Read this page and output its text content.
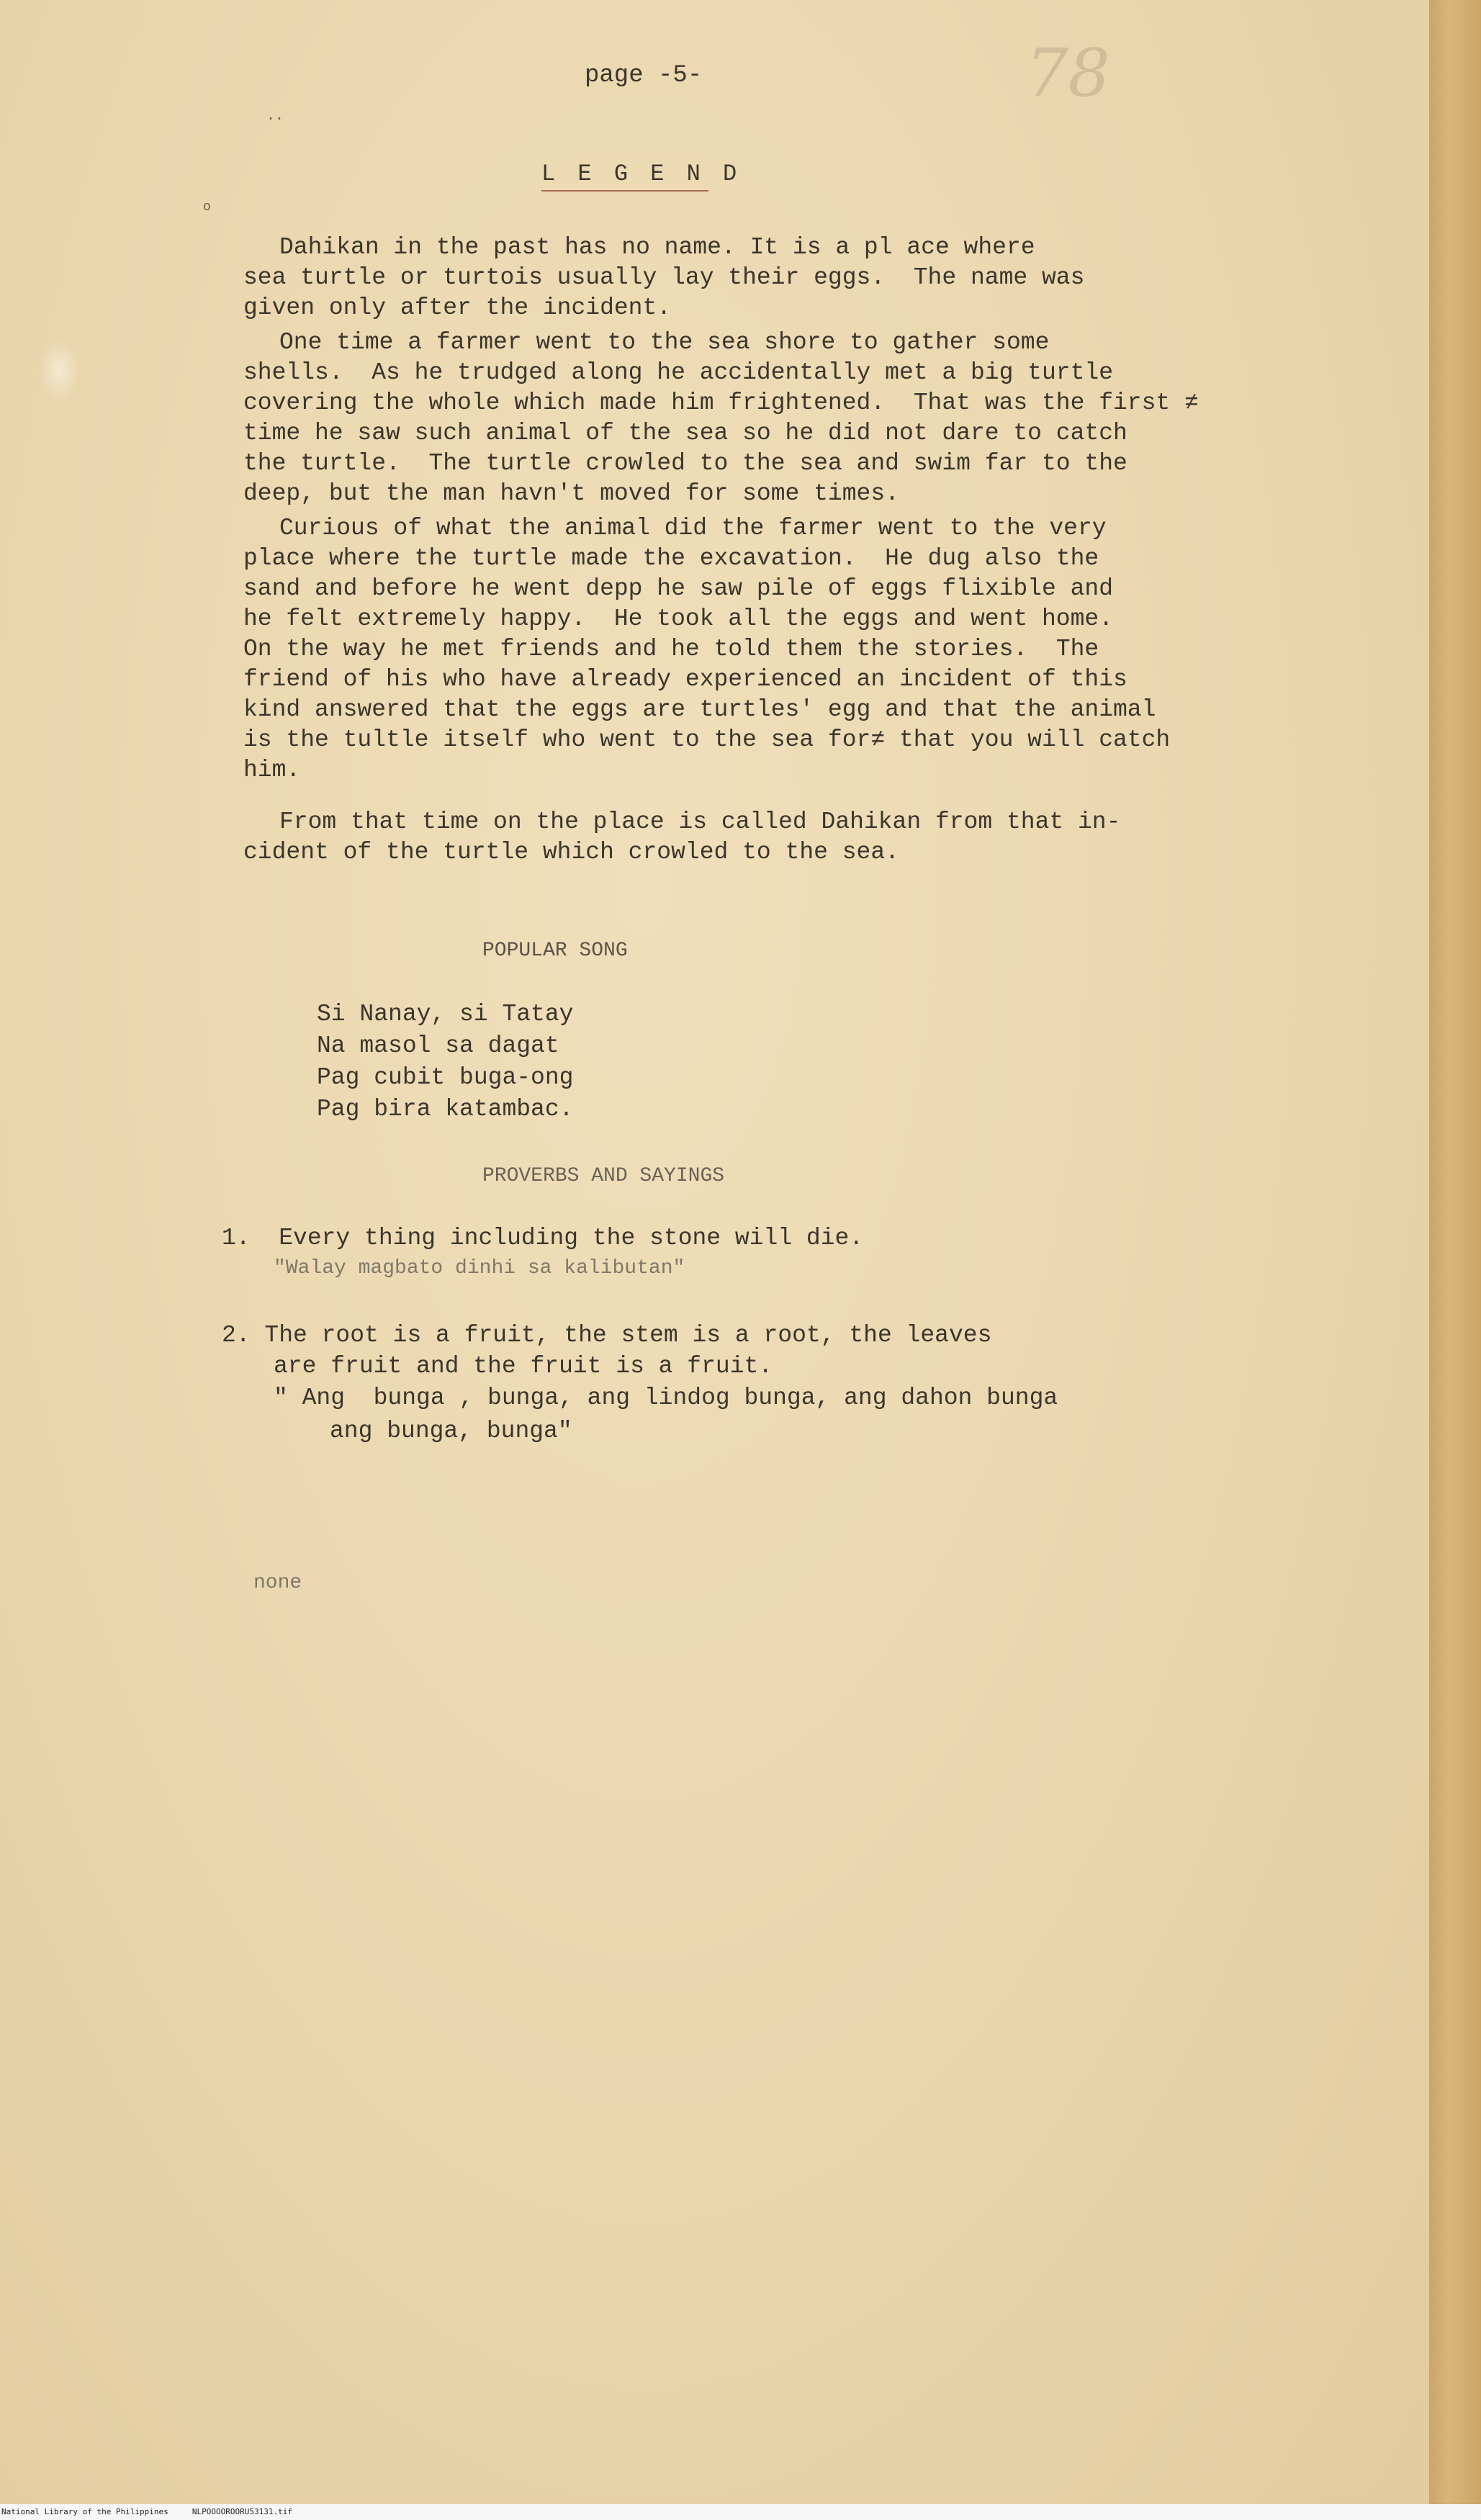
..
o
page -5-	78
L E G E N D
Dahikan in the past has no name. It is a pl ace where
sea turtle or turtois usually lay their eggs.  The name was
given only after the incident.
One time a farmer went to the sea shore to gather some
shells.  As he trudged along he accidentally met a big turtle
covering the whole which made him frightened.  That was the first ≠
time he saw such animal of the sea so he did not dare to catch
the turtle.  The turtle crowled to the sea and swim far to the
deep, but the man havn't moved for some times.
Curious of what the animal did the farmer went to the very
place where the turtle made the excavation.  He dug also the
sand and before he went depp he saw pile of eggs flixible and
he felt extremely happy.  He took all the eggs and went home.
On the way he met friends and he told them the stories.  The
friend of his who have already experienced an incident of this
kind answered that the eggs are turtles' egg and that the animal
is the tultle itself who went to the sea for≠ that you will catch
him.
From that time on the place is called Dahikan from that in-
cident of the turtle which crowled to the sea.
POPULAR SONG
Si Nanay, si Tatay
Na masol sa dagat
Pag cubit buga-ong
Pag bira katambac.
PROVERBS AND SAYINGS
1.  Every thing including the stone will die.
"Walay magbato dinhi sa kalibutan"
2. The root is a fruit, the stem is a root, the leaves
are fruit and the fruit is a fruit.
" Ang  bunga , bunga, ang lindog bunga, ang dahon bunga
ang bunga, bunga"
none
National Library of the Philippines     NLPOOOOROORU53131.tif
